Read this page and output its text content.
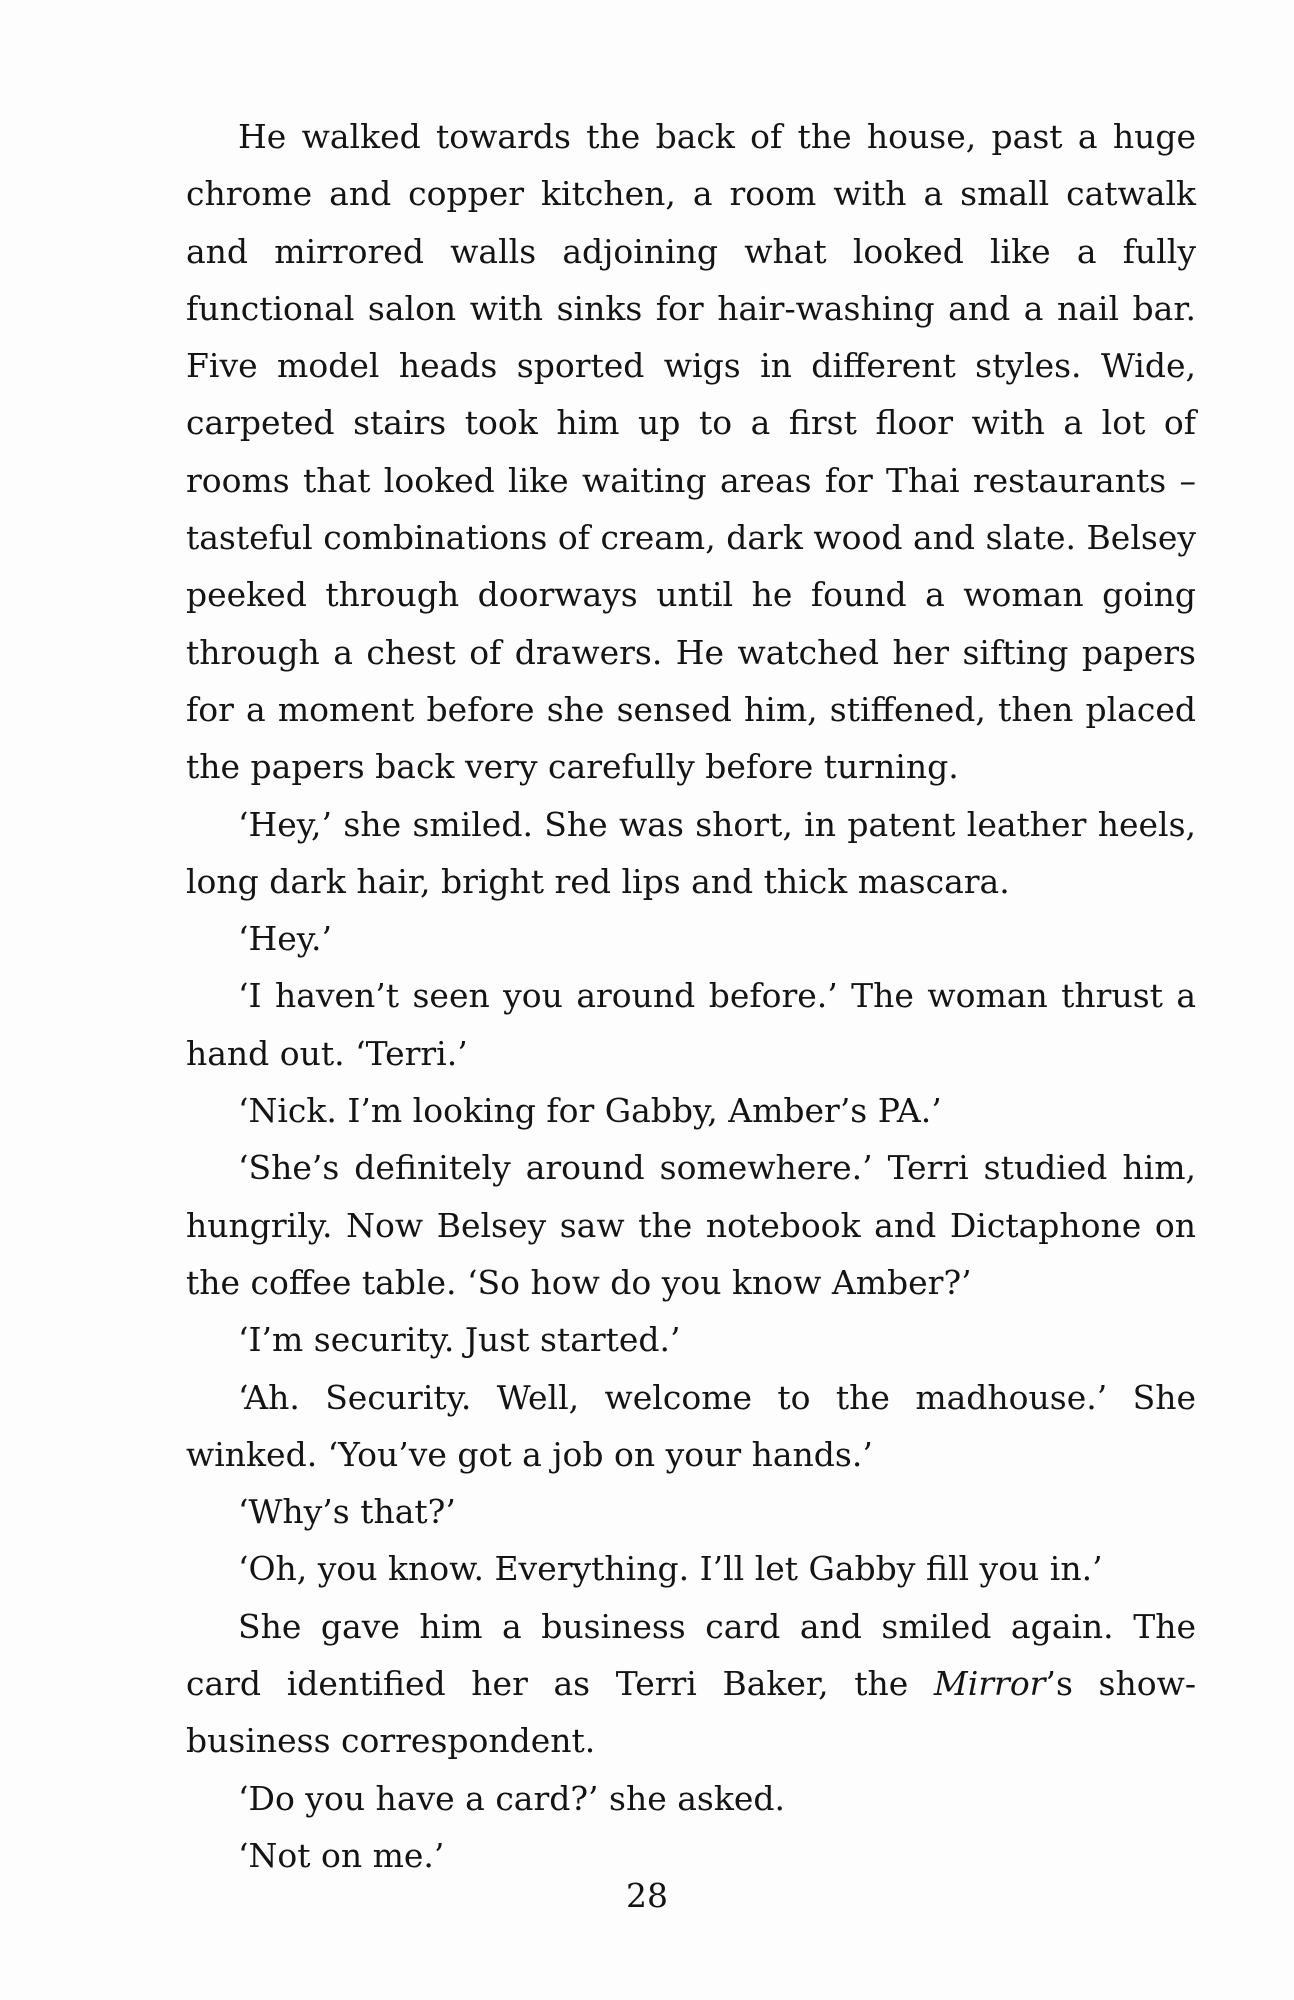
He walked towards the back of the house, past a huge chrome and copper kitchen, a room with a small catwalk and mirrored walls adjoining what looked like a fully functional salon with sinks for hair-washing and a nail bar. Five model heads sported wigs in different styles. Wide, carpeted stairs took him up to a first floor with a lot of rooms that looked like waiting areas for Thai restaurants – tasteful combinations of cream, dark wood and slate. Belsey peeked through doorways until he found a woman going through a chest of drawers. He watched her sifting papers for a moment before she sensed him, stiffened, then placed the papers back very carefully before turning.

‘Hey,’ she smiled. She was short, in patent leather heels, long dark hair, bright red lips and thick mascara.

‘Hey.’

‘I haven’t seen you around before.’ The woman thrust a hand out. ‘Terri.’

‘Nick. I’m looking for Gabby, Amber’s PA.’

‘She’s definitely around somewhere.’ Terri studied him, hungrily. Now Belsey saw the notebook and Dictaphone on the coffee table. ‘So how do you know Amber?’

‘I’m security. Just started.’

‘Ah. Security. Well, welcome to the madhouse.’ She winked. ‘You’ve got a job on your hands.’

‘Why’s that?’

‘Oh, you know. Everything. I’ll let Gabby fill you in.’

She gave him a business card and smiled again. The card identified her as Terri Baker, the Mirror’s show-business correspondent.

‘Do you have a card?’ she asked.

‘Not on me.’

28
